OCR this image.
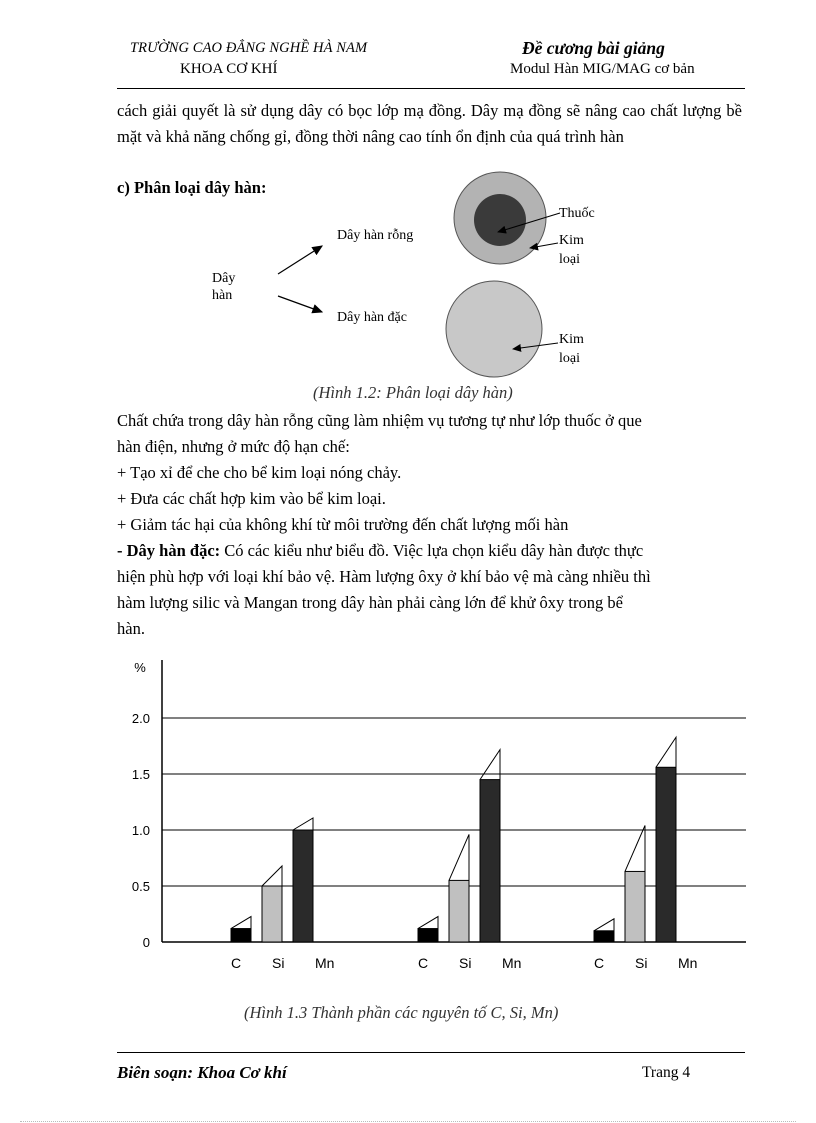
TRƯỜNG CAO ĐẲNG NGHỀ HÀ NAM
KHOA CƠ KHÍ
Đề cương bài giảng
Modul Hàn MIG/MAG cơ bản
cách giải quyết là sử dụng dây có bọc lớp mạ đồng. Dây mạ đồng sẽ nâng cao chất lượng bề mặt và khả năng chống gỉ, đồng thời nâng cao tính ổn định của quá trình hàn
c) Phân loại dây hàn:
Dây
hàn
Dây hàn rỗng
Dây hàn đặc
Thuốc
Kim
loại
Kim
loại
(Hình 1.2: Phân loại dây hàn)
Chất chứa trong dây hàn rỗng cũng làm nhiệm vụ tương tự như lớp thuốc ở que
hàn điện, nhưng ở mức độ hạn chế:
+ Tạo xỉ để che cho bể kim loại nóng chảy.
+ Đưa các chất hợp kim vào bể kim loại.
+ Giảm tác hại của không khí từ môi trường đến chất lượng mối hàn
- Dây hàn đặc: Có các kiểu như biểu đồ. Việc lựa chọn kiểu dây hàn được thực
hiện phù hợp với loại khí bảo vệ. Hàm lượng ôxy ở khí bảo vệ mà càng nhiều thì
hàm lượng silic và Mangan trong dây hàn phải càng lớn để khử ôxy trong bể
hàn.
0
0.5
1.0
1.5
2.0
%
C Si Mn	C Si Mn	C Si Mn
(Hình 1.3 Thành phần các nguyên tố C, Si, Mn)
Biên soạn: Khoa Cơ khí	Trang 4
